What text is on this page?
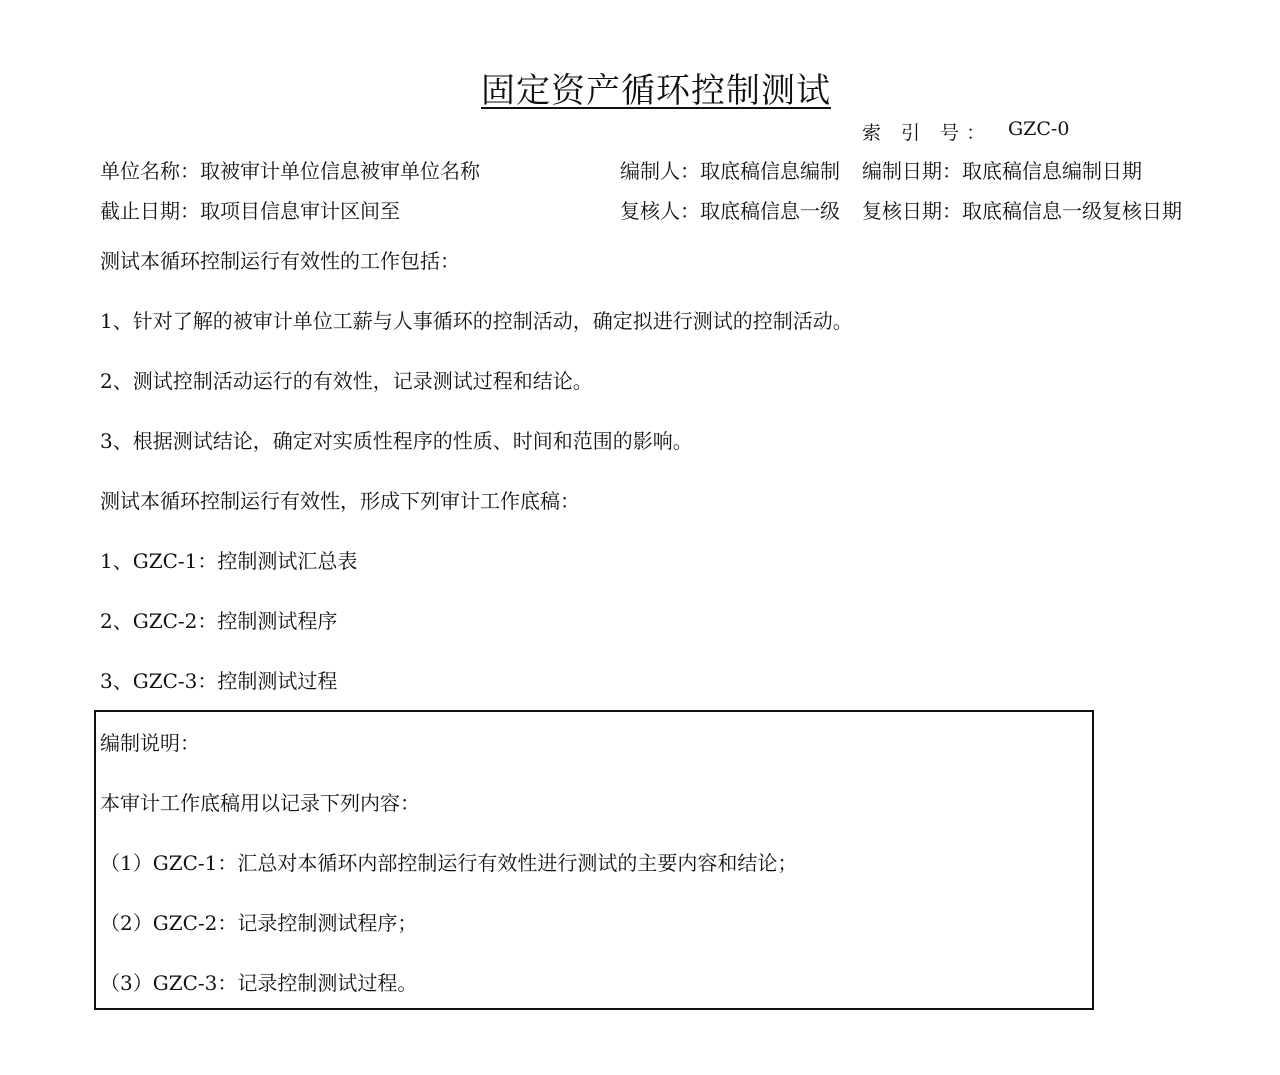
固定资产循环控制测试
索 引 号： GZC-0
单位名称：取被审计单位信息被审单位名称	编制人：取底稿信息编制	编制日期：取底稿信息编制日期
截止日期：取项目信息审计区间至	复核人：取底稿信息一级	复核日期：取底稿信息一级复核日期
测试本循环控制运行有效性的工作包括：
1、针对了解的被审计单位工薪与人事循环的控制活动，确定拟进行测试的控制活动。
2、测试控制活动运行的有效性，记录测试过程和结论。
3、根据测试结论，确定对实质性程序的性质、时间和范围的影响。
测试本循环控制运行有效性，形成下列审计工作底稿：
1、GZC-1：控制测试汇总表
2、GZC-2：控制测试程序
3、GZC-3：控制测试过程
编制说明：
本审计工作底稿用以记录下列内容：
（1）GZC-1：汇总对本循环内部控制运行有效性进行测试的主要内容和结论；
（2）GZC-2：记录控制测试程序；
（3）GZC-3：记录控制测试过程。
